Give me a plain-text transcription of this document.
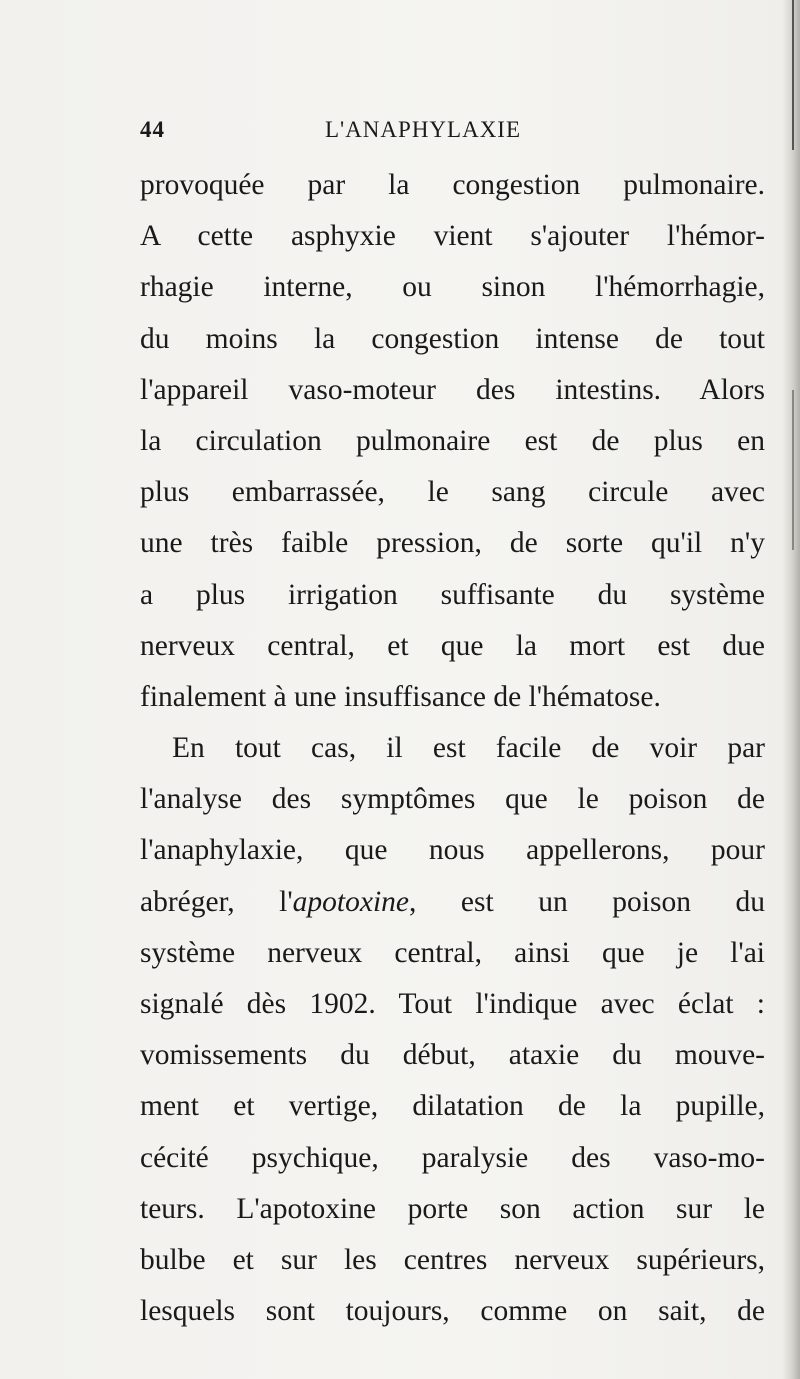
44	L'ANAPHYLAXIE
provoquée par la congestion pulmonaire.
A cette asphyxie vient s'ajouter l'hémor-
rhagie interne, ou sinon l'hémorrhagie,
du moins la congestion intense de tout
l'appareil vaso-moteur des intestins. Alors
la circulation pulmonaire est de plus en
plus embarrassée, le sang circule avec
une très faible pression, de sorte qu'il n'y
a plus irrigation suffisante du système
nerveux central, et que la mort est due
finalement à une insuffisance de l'hématose.
En tout cas, il est facile de voir par
l'analyse des symptômes que le poison de
l'anaphylaxie, que nous appellerons, pour
abréger, l'apotoxine, est un poison du
système nerveux central, ainsi que je l'ai
signalé dès 1902. Tout l'indique avec éclat :
vomissements du début, ataxie du mouve-
ment et vertige, dilatation de la pupille,
cécité psychique, paralysie des vaso-mo-
teurs. L'apotoxine porte son action sur le
bulbe et sur les centres nerveux supérieurs,
lesquels sont toujours, comme on sait, de
